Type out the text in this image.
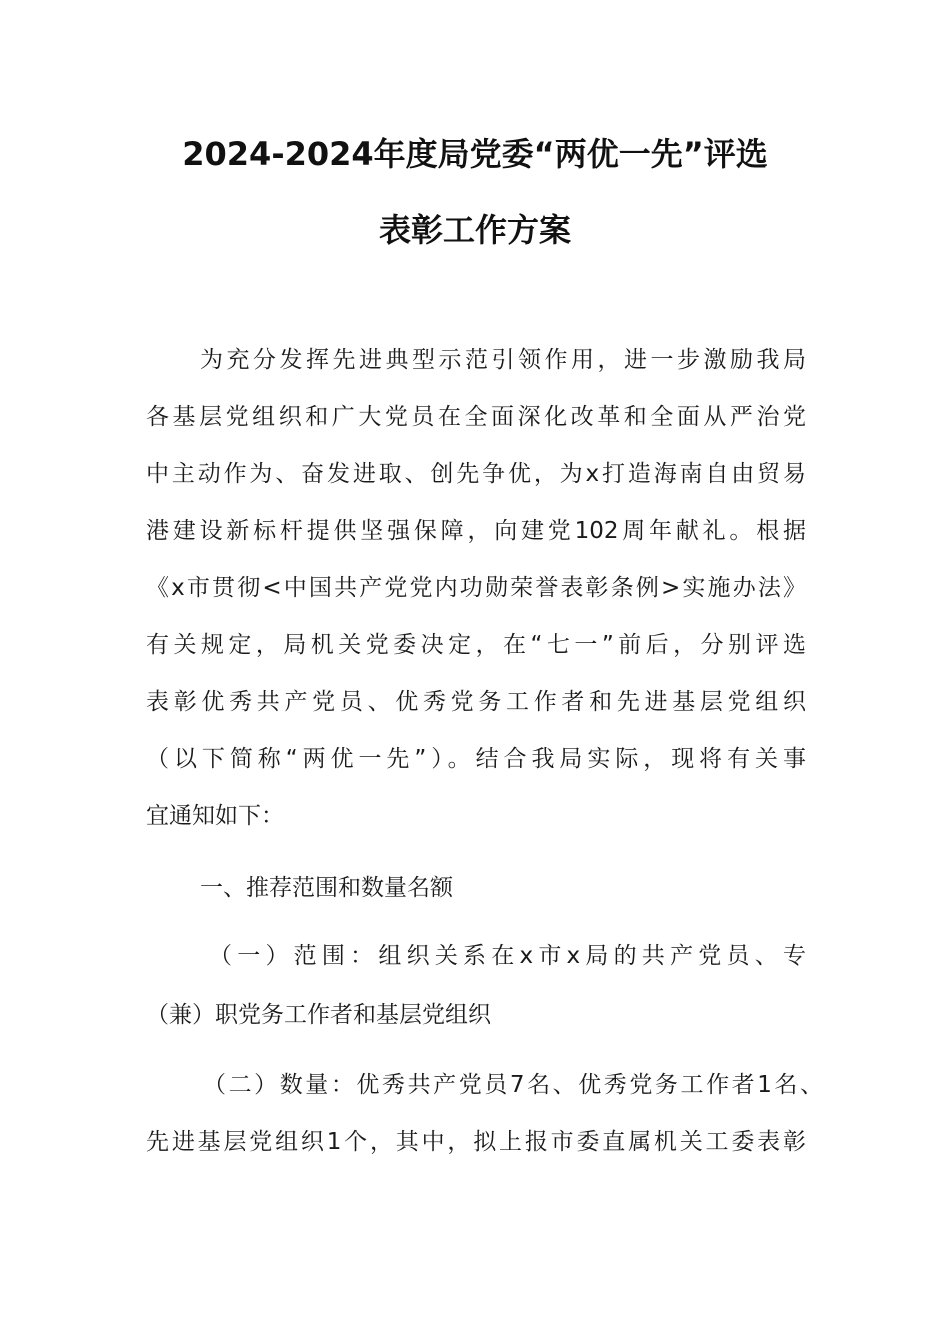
2024-2024年度局党委“两优一先”评选
表彰工作方案
为充分发挥先进典型示范引领作用，进一步激励我局
各基层党组织和广大党员在全面深化改革和全面从严治党
中主动作为、奋发进取、创先争优，为x打造海南自由贸易
港建设新标杆提供坚强保障，向建党102周年献礼。根据
《x市贯彻<中国共产党党内功勋荣誉表彰条例>实施办法》
有关规定，局机关党委决定，在“七一”前后，分别评选
表彰优秀共产党员、优秀党务工作者和先进基层党组织
（以下简称“两优一先”）。结合我局实际，现将有关事
宜通知如下：
一、推荐范围和数量名额
（一）范围：组织关系在x市x局的共产党员、专
（兼）职党务工作者和基层党组织
（二）数量：优秀共产党员7名、优秀党务工作者1名、
先进基层党组织1个，其中，拟上报市委直属机关工委表彰
